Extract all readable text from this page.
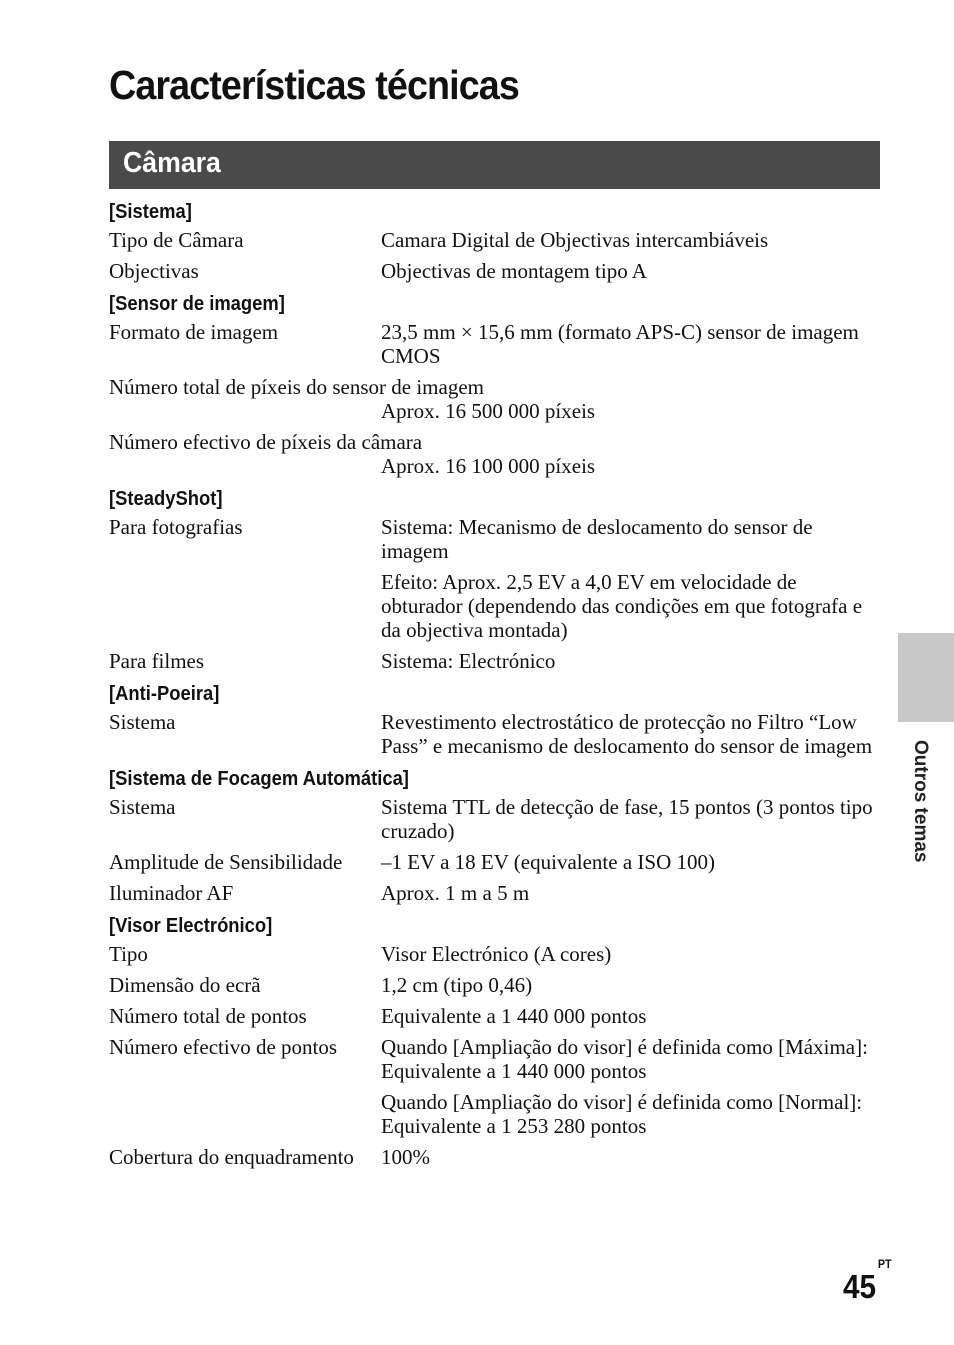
Características técnicas
Câmara
[Sistema]
Tipo de Câmara	Camara Digital de Objectivas intercambiáveis
Objectivas	Objectivas de montagem tipo A
[Sensor de imagem]
Formato de imagem	23,5 mm × 15,6 mm (formato APS-C) sensor de imagem CMOS
Número total de píxeis do sensor de imagem
Aprox. 16 500 000 píxeis
Número efectivo de píxeis da câmara
Aprox. 16 100 000 píxeis
[SteadyShot]
Para fotografias	Sistema: Mecanismo de deslocamento do sensor de imagem
Efeito: Aprox. 2,5 EV a 4,0 EV em velocidade de obturador (dependendo das condições em que fotografa e da objectiva montada)
Para filmes	Sistema: Electrónico
[Anti-Poeira]
Sistema	Revestimento electrostático de protecção no Filtro “Low Pass” e mecanismo de deslocamento do sensor de imagem
[Sistema de Focagem Automática]
Sistema	Sistema TTL de detecção de fase, 15 pontos (3 pontos tipo cruzado)
Amplitude de Sensibilidade	–1 EV a 18 EV (equivalente a ISO 100)
Iluminador AF	Aprox. 1 m a 5 m
[Visor Electrónico]
Tipo	Visor Electrónico (A cores)
Dimensão do ecrã	1,2 cm (tipo 0,46)
Número total de pontos	Equivalente a 1 440 000 pontos
Número efectivo de pontos	Quando [Ampliação do visor] é definida como [Máxima]: Equivalente a 1 440 000 pontos
Quando [Ampliação do visor] é definida como [Normal]: Equivalente a 1 253 280 pontos
Cobertura do enquadramento	100%
Outros temas
$45^{PT}$
